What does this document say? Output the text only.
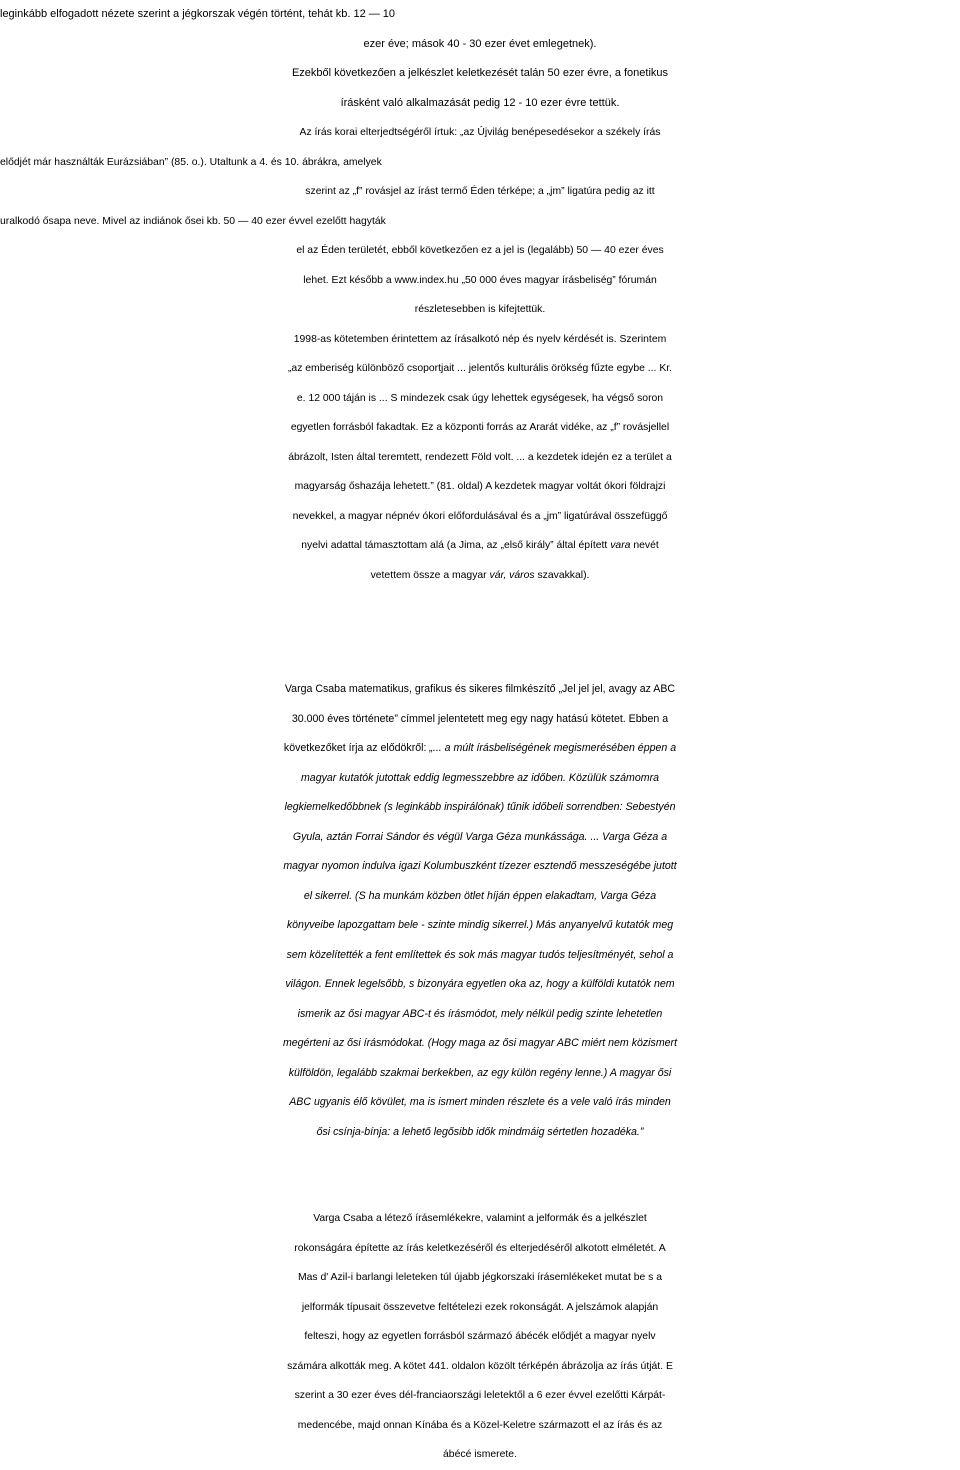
leginkább elfogadott nézete szerint a jégkorszak végén történt, tehát kb. 12 — 10
ezer éve; mások 40 - 30 ezer évet emlegetnek).
Ezekből következően a jelkészlet keletkezését talán 50 ezer évre, a fonetikus
írásként való alkalmazását pedig 12 - 10 ezer évre tettük.
Az írás korai elterjedtségéről írtuk: „az Újvilág benépesedésekor a székely írás
elődjét már használták Eurázsiában” (85. o.). Utaltunk a 4. és 10. ábrákra, amelyek
szerint az „f” rovásjel az írást termő Éden térképe; a „jm” ligatúra pedig az itt
uralkodó ősapa neve. Mivel az indiánok ősei kb. 50 — 40 ezer évvel ezelőtt hagyták
el az Éden területét, ebből következően ez a jel is (legalább) 50 — 40 ezer éves
lehet. Ezt később a www.index.hu „50 000 éves magyar írásbeliség” fórumán
részletesebben is kifejtettük.
1998-as kötetemben érintettem az írásalkotó nép és nyelv kérdését is. Szerintem
„az emberiség különböző csoportjait ... jelentős kulturális örökség fűzte egybe ... Kr.
e. 12 000 táján is ... S mindezek csak úgy lehettek egységesek, ha végső soron
egyetlen forrásból fakadtak. Ez a központi forrás az Ararát vidéke, az „f” rovásjellel
ábrázolt, Isten által teremtett, rendezett Föld volt. ... a kezdetek idején ez a terület a
magyarság őshazája lehetett.” (81. oldal) A kezdetek magyar voltát ókori földrajzi
nevekkel, a magyar népnév ókori előfordulásával és a „jm” ligatúrával összefüggő
nyelvi adattal támasztottam alá (a Jima, az „első király” által épített vara nevét
vetettem össze a magyar vár, város szavakkal).
Varga Csaba matematikus, grafikus és sikeres filmkészítő „Jel jel jel, avagy az ABC
30.000 éves története” címmel jelentetett meg egy nagy hatású kötetet. Ebben a
következőket írja az elődökről: „... a múlt írásbeliségének megismerésében éppen a
magyar kutatók jutottak eddig legmesszebbre az időben. Közülük számomra
legkiemelkedőbbnek (s leginkább inspirálónak) tűnik időbeli sorrendben: Sebestyén
Gyula, aztán Forrai Sándor és végül Varga Géza munkássága. ... Varga Géza a
magyar nyomon indulva igazi Kolumbuszként tízezer esztendő messzeségébe jutott
el sikerrel. (S ha munkám közben ötlet híján éppen elakadtam, Varga Géza
könyveibe lapozgattam bele - szinte mindig sikerrel.) Más anyanyelvű kutatók meg
sem közelítették a fent említettek és sok más magyar tudós teljesítményét, sehol a
világon. Ennek legelsőbb, s bizonyára egyetlen oka az, hogy a külföldi kutatók nem
ismerik az ősi magyar ABC-t és írásmódot, mely nélkül pedig szinte lehetetlen
megérteni az ősi írásmódokat. (Hogy maga az ősi magyar ABC miért nem közismert
külföldön, legalább szakmai berkekben, az egy külön regény lenne.) A magyar ősi
ABC ugyanis élő kövület, ma is ismert minden részlete és a vele való írás minden
ősi csínja-bínja: a lehető legősibb idők mindmáig sértetlen hozadéka.”
Varga Csaba a létező írásemlékekre, valamint a jelformák és a jelkészlet
rokonságára építette az írás keletkezéséről és elterjedéséről alkotott elméletét. A
Mas d' Azil-i barlangi leleteken túl újabb jégkorszaki írásemlékeket mutat be s a
jelformák típusait összevetve feltételezi ezek rokonságát. A jelszámok alapján
felteszi, hogy az egyetlen forrásból származó ábécék elődjét a magyar nyelv
számára alkották meg. A kötet 441. oldalon közölt térképén ábrázolja az írás útját. E
szerint a 30 ezer éves dél-franciaországi leletektől a 6 ezer évvel ezelőtti Kárpát-
medencébe, majd onnan Kínába és a Közel-Keletre származott el az írás és az
ábécé ismerete.
